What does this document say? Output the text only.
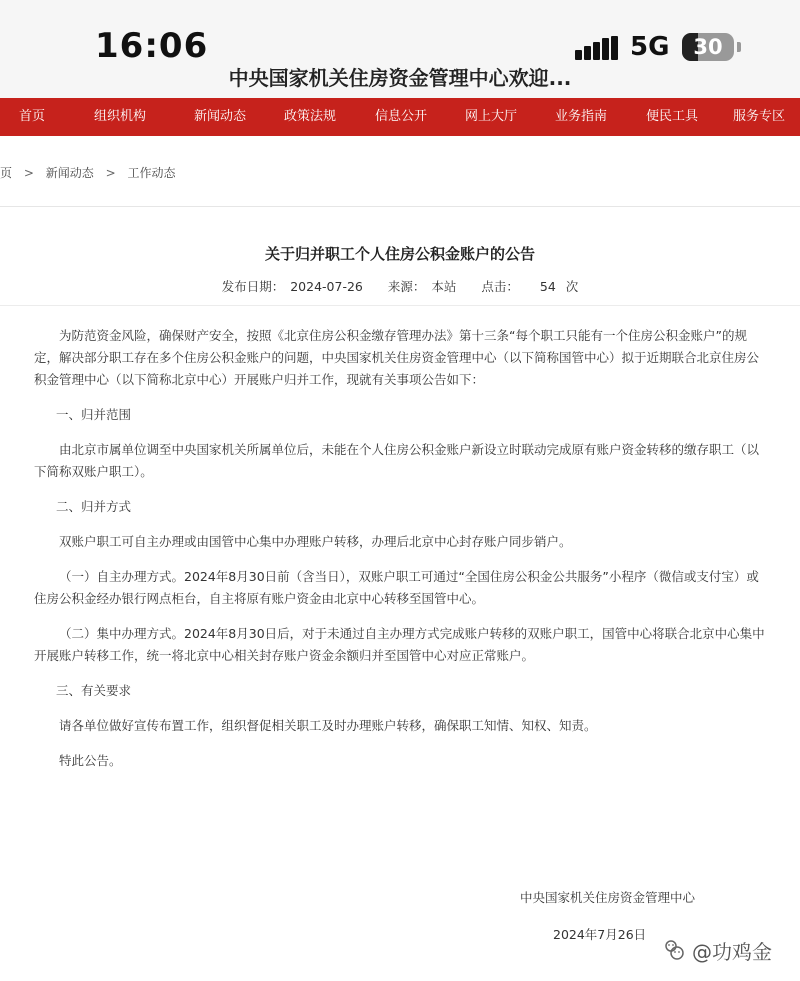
16:06	5G	30
中央国家机关住房资金管理中心欢迎...
首页	组织机构	新闻动态	政策法规	信息公开	网上大厅	业务指南	便民工具	服务专区
页 > 新闻动态 > 工作动态
关于归并职工个人住房公积金账户的公告
发布日期： 2024-07-26 来源： 本站 点击： 54 次

为防范资金风险，确保财产安全，按照《北京住房公积金缴存管理办法》第十三条“每个职工只能有一个住房公积金账户”的规定，解决部分职工存在多个住房公积金账户的问题，中央国家机关住房资金管理中心（以下简称国管中心）拟于近期联合北京住房公积金管理中心（以下简称北京中心）开展账户归并工作，现就有关事项公告如下：

一、归并范围

由北京市属单位调至中央国家机关所属单位后，未能在个人住房公积金账户新设立时联动完成原有账户资金转移的缴存职工（以下简称双账户职工）。

二、归并方式

双账户职工可自主办理或由国管中心集中办理账户转移，办理后北京中心封存账户同步销户。

（一）自主办理方式。2024年8月30日前（含当日），双账户职工可通过“全国住房公积金公共服务”小程序（微信或支付宝）或住房公积金经办银行网点柜台，自主将原有账户资金由北京中心转移至国管中心。

（二）集中办理方式。2024年8月30日后，对于未通过自主办理方式完成账户转移的双账户职工，国管中心将联合北京中心集中开展账户转移工作，统一将北京中心相关封存账户资金余额归并至国管中心对应正常账户。

三、有关要求

请各单位做好宣传布置工作，组织督促相关职工及时办理账户转移，确保职工知情、知权、知责。

特此公告。

中央国家机关住房资金管理中心
2024年7月26日
@功鸡金
